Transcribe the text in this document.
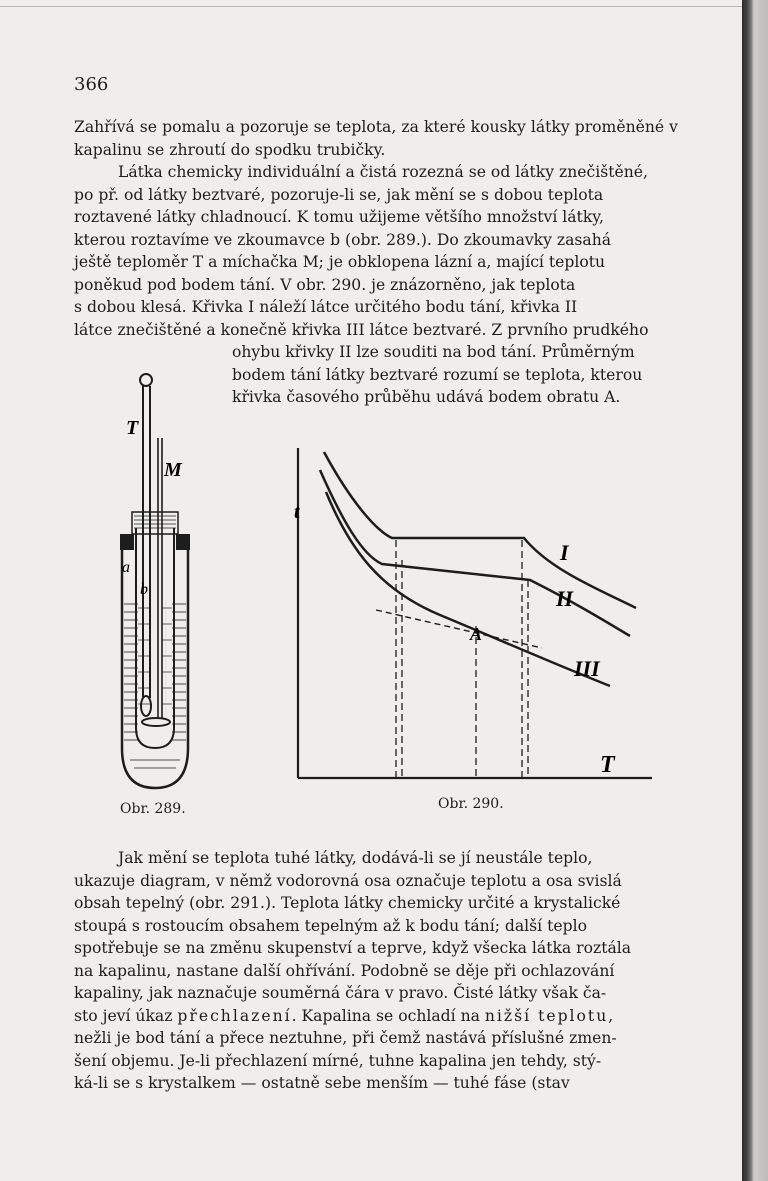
366

Zahřívá se pomalu a pozoruje se teplota, za které kousky látky proměněné v kapalinu se zhroutí do spodku trubičky.

Látka chemicky individuální a čistá rozezná se od látky znečištěné,
po př. od látky beztvaré, pozoruje-li se, jak mění se s dobou teplota
roztavené látky chladnoucí. K tomu užijeme většího množství látky,
kterou roztavíme ve zkoumavce b (obr. 289.). Do zkoumavky zasahá
ještě teploměr T a míchačka M; je obklopena lázní a, mající teplotu
poněkud pod bodem tání. V obr. 290. je znázorněno, jak teplota
s dobou klesá. Křivka I náleží látce určitého bodu tání, křivka II
látce znečištěné a konečně křivka III látce beztvaré. Z prvního prudkého
ohybu křivky II lze souditi na bod tání. Průměrným
bodem tání látky beztvaré rozumí se teplota, kterou
křivka časového průběhu udává bodem obratu A.
T
M
a
b
Obr. 289.
t
A
I
II
III
T
Obr. 290.
Jak mění se teplota tuhé látky, dodává-li se jí neustále teplo,
ukazuje diagram, v němž vodorovná osa označuje teplotu a osa svislá
obsah tepelný (obr. 291.). Teplota látky chemicky určité a krystalické
stoupá s rostoucím obsahem tepelným až k bodu tání; další teplo
spotřebuje se na změnu skupenství a teprve, když všecka látka roztála
na kapalinu, nastane další ohřívání. Podobně se děje při ochlazování
kapaliny, jak naznačuje souměrná čára v pravo. Čisté látky však ča-
sto jeví úkaz přechlazení. Kapalina se ochladí na nižší teplotu,
nežli je bod tání a přece neztuhne, při čemž nastává příslušné zmen-
šení objemu. Je-li přechlazení mírné, tuhne kapalina jen tehdy, stý-
ká-li se s krystalkem — ostatně sebe menším — tuhé fáse (stav
